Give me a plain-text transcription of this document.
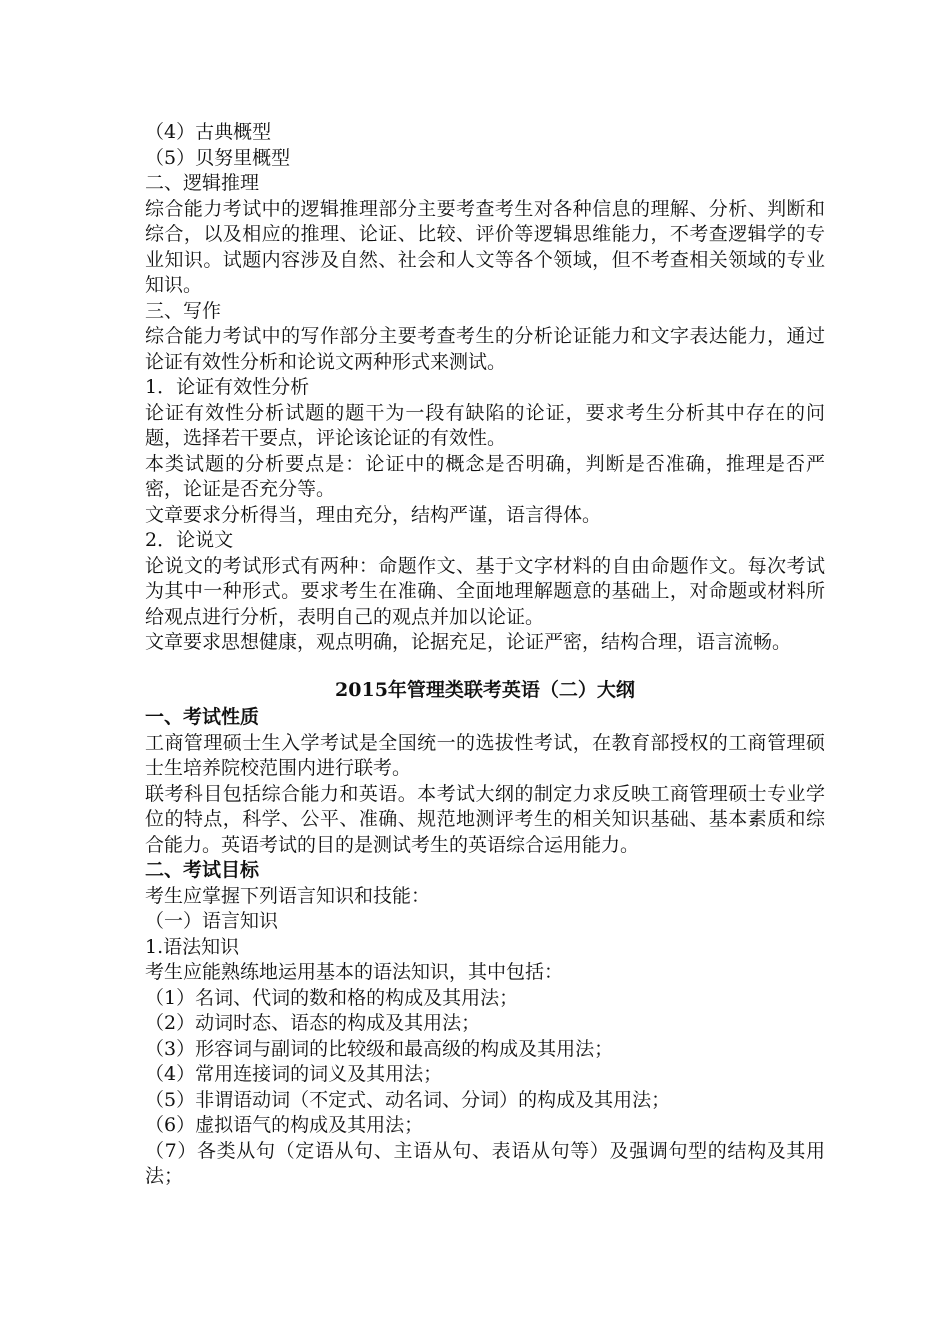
（4）古典概型
（5）贝努里概型
二、逻辑推理
综合能力考试中的逻辑推理部分主要考查考生对各种信息的理解、分析、判断和综合，以及相应的推理、论证、比较、评价等逻辑思维能力，不考查逻辑学的专业知识。试题内容涉及自然、社会和人文等各个领域，但不考查相关领域的专业知识。
三、写作
综合能力考试中的写作部分主要考查考生的分析论证能力和文字表达能力，通过论证有效性分析和论说文两种形式来测试。
1．论证有效性分析
论证有效性分析试题的题干为一段有缺陷的论证，要求考生分析其中存在的问题，选择若干要点，评论该论证的有效性。
本类试题的分析要点是：论证中的概念是否明确，判断是否准确，推理是否严密，论证是否充分等。
文章要求分析得当，理由充分，结构严谨，语言得体。
2．论说文
论说文的考试形式有两种：命题作文、基于文字材料的自由命题作文。每次考试为其中一种形式。要求考生在准确、全面地理解题意的基础上，对命题或材料所给观点进行分析，表明自己的观点并加以论证。
文章要求思想健康，观点明确，论据充足，论证严密，结构合理，语言流畅。
2015年管理类联考英语（二）大纲
一、考试性质
工商管理硕士生入学考试是全国统一的选拔性考试，在教育部授权的工商管理硕士生培养院校范围内进行联考。
联考科目包括综合能力和英语。本考试大纲的制定力求反映工商管理硕士专业学位的特点，科学、公平、准确、规范地测评考生的相关知识基础、基本素质和综合能力。英语考试的目的是测试考生的英语综合运用能力。
二、考试目标
考生应掌握下列语言知识和技能：
（一）语言知识
1.语法知识
考生应能熟练地运用基本的语法知识，其中包括：
（1）名词、代词的数和格的构成及其用法；
（2）动词时态、语态的构成及其用法；
（3）形容词与副词的比较级和最高级的构成及其用法；
（4）常用连接词的词义及其用法；
（5）非谓语动词（不定式、动名词、分词）的构成及其用法；
（6）虚拟语气的构成及其用法；
（7）各类从句（定语从句、主语从句、表语从句等）及强调句型的结构及其用法；
